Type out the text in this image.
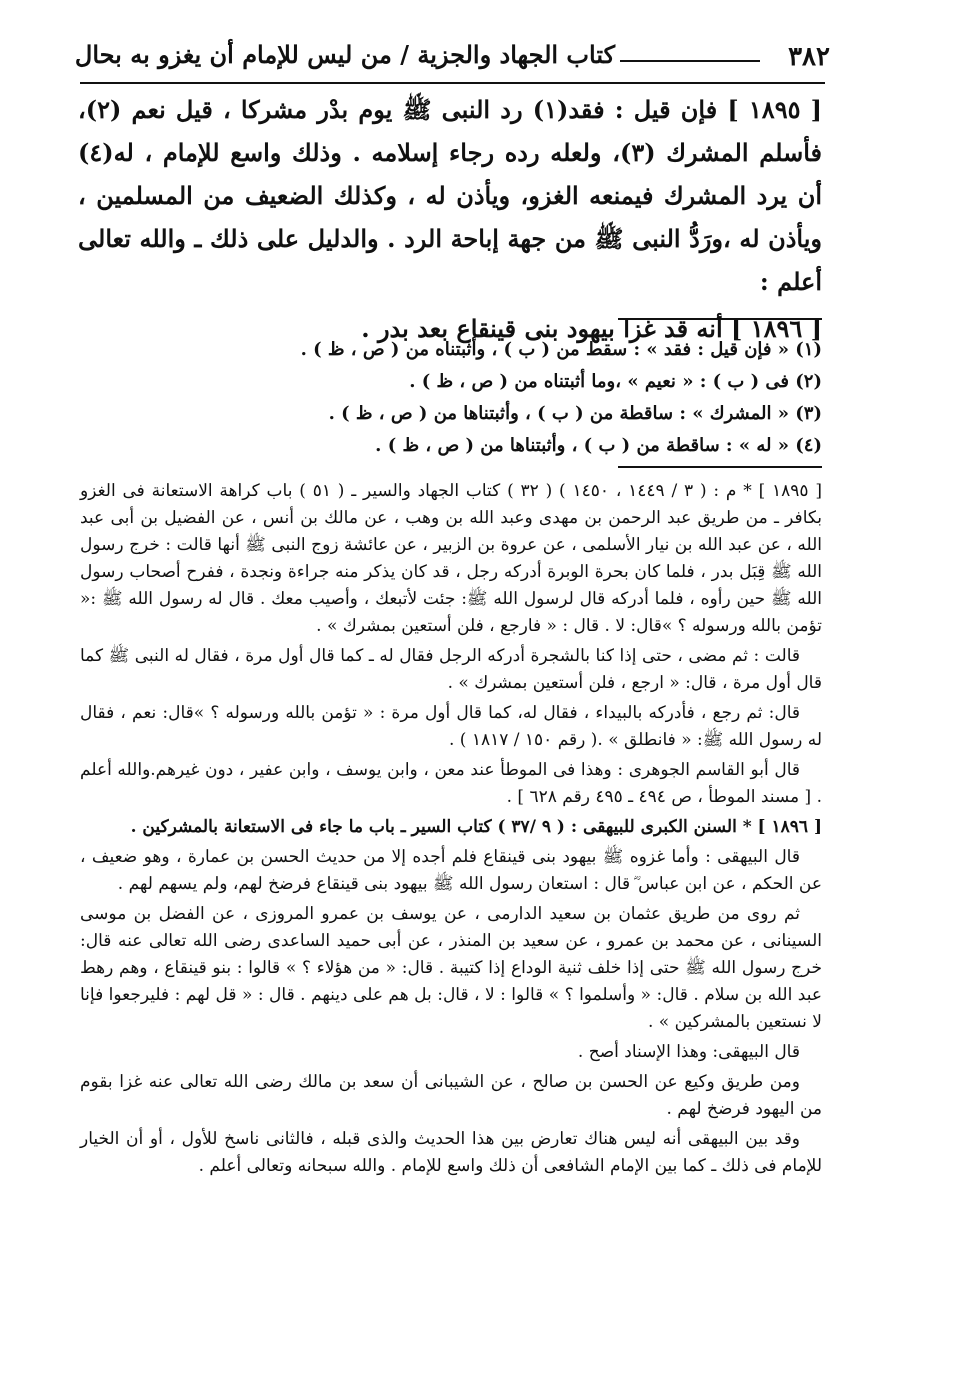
٣٨٢
كتاب الجهاد والجزية / من ليس للإمام أن يغزو به بحال

[ ١٨٩٥ ] فإن قيل : فقد(١) رد النبى ﷺ يوم بدْر مشركا ، قيل نعم (٢)، فأسلم المشرك (٣)، ولعله رده رجاء إسلامه . وذلك واسع للإمام ، له(٤) أن يرد المشرك فيمنعه الغزو، ويأذن له ، وكذلك الضعيف من المسلمين ، ويأذن له ،ورَدُّ النبى ﷺ من جهة إباحة الرد . والدليل على ذلك ـ والله تعالى أعلم :

[ ١٨٩٦ ] أنه قد غزا بيهود بنى قينقاع بعد بدر .

(١) « فإن قيل : فقد » : سقط من ( ب ) ، وأثبتناه من ( ص ، ظ ) .

(٢) فى ( ب ) : « نعيم » ،وما أثبتناه من ( ص ، ظ ) .

(٣) « المشرك » : ساقطة من ( ب ) ، وأثبتناها من ( ص ، ظ ) .

(٤) « له » : ساقطة من ( ب ) ، وأثبتناها من ( ص ، ظ ) .

[ ١٨٩٥ ] * م : ( ٣ / ١٤٤٩ ، ١٤٥٠ ) ( ٣٢ ) كتاب الجهاد والسير ـ ( ٥١ ) باب كراهة الاستعانة فى الغزو بكافر ـ من طريق عبد الرحمن بن مهدى وعبد الله بن وهب ، عن مالك بن أنس ، عن الفضيل بن أبى عبد الله ، عن عبد الله بن نيار الأسلمى ، عن عروة بن الزبير ، عن عائشة زوج النبى ﷺ أنها قالت : خرج رسول الله ﷺ قِبَل بدر ، فلما كان بحرة الوبرة أدركه رجل ، قد كان يذكر منه جراءة ونجدة ، ففرح أصحاب رسول الله ﷺ حين رأوه ، فلما أدركه قال لرسول الله ﷺ: جئت لأتبعك ، وأصيب معك . قال له رسول الله ﷺ :« تؤمن بالله ورسوله ؟ »قال: لا . قال : « فارجع ، فلن أستعين بمشرك » .

قالت : ثم مضى ، حتى إذا كنا بالشجرة أدركه الرجل فقال له ـ كما قال أول مرة ، فقال له النبى ﷺ كما قال أول مرة ، قال: « ارجع ، فلن أستعين بمشرك » .

قال: ثم رجع ، فأدركه بالبيداء ، فقال له، كما قال أول مرة : « تؤمن بالله ورسوله ؟ »قال: نعم ، فقال له رسول الله ﷺ: « فانطلق » .( رقم ١٥٠ / ١٨١٧ ) .

قال أبو القاسم الجوهرى : وهذا فى الموطأ عند معن ، وابن يوسف ، وابن عفير ، دون غيرهم.والله أعلم . [ مسند الموطأ ، ص ٤٩٤ ـ ٤٩٥ رقم ٦٢٨ ] .

[ ١٨٩٦ ] * السنن الكبرى للبيهقى : ( ٩ /٣٧ ) كتاب السير ـ باب ما جاء فى الاستعانة بالمشركين .

قال البيهقى : وأما غزوه ﷺ بيهود بنى قينقاع فلم أجده إلا من حديث الحسن بن عمارة ، وهو ضعيف ، عن الحكم ، عن ابن عباس ؓ قال : استعان رسول الله ﷺ بيهود بنى قينقاع فرضخ لهم، ولم يسهم لهم .

ثم روى من طريق عثمان بن سعيد الدارمى ، عن يوسف بن عمرو المروزى ، عن الفضل بن موسى السينانى ، عن محمد بن عمرو ، عن سعيد بن المنذر ، عن أبى حميد الساعدى رضى الله تعالى عنه قال: خرج رسول الله ﷺ حتى إذا خلف ثنية الوداع إذا كتيبة . قال: « من هؤلاء ؟ » قالوا : بنو قينقاع ، وهم رهط عبد الله بن سلام . قال: « وأسلموا ؟ » قالوا : لا ، قال: بل هم على دينهم . قال : « قل لهم : فليرجعوا فإنا لا نستعين بالمشركين » .

قال البيهقى: وهذا الإسناد أصح .

ومن طريق وكيع عن الحسن بن صالح ، عن الشيبانى أن سعد بن مالك رضى الله تعالى عنه غزا بقوم من اليهود فرضخ لهم .

وقد بين البيهقى أنه ليس هناك تعارض بين هذا الحديث والذى قبله ، فالثانى ناسخ للأول ، أو أن الخيار للإمام فى ذلك ـ كما بين الإمام الشافعى أن ذلك واسع للإمام . والله سبحانه وتعالى أعلم .
